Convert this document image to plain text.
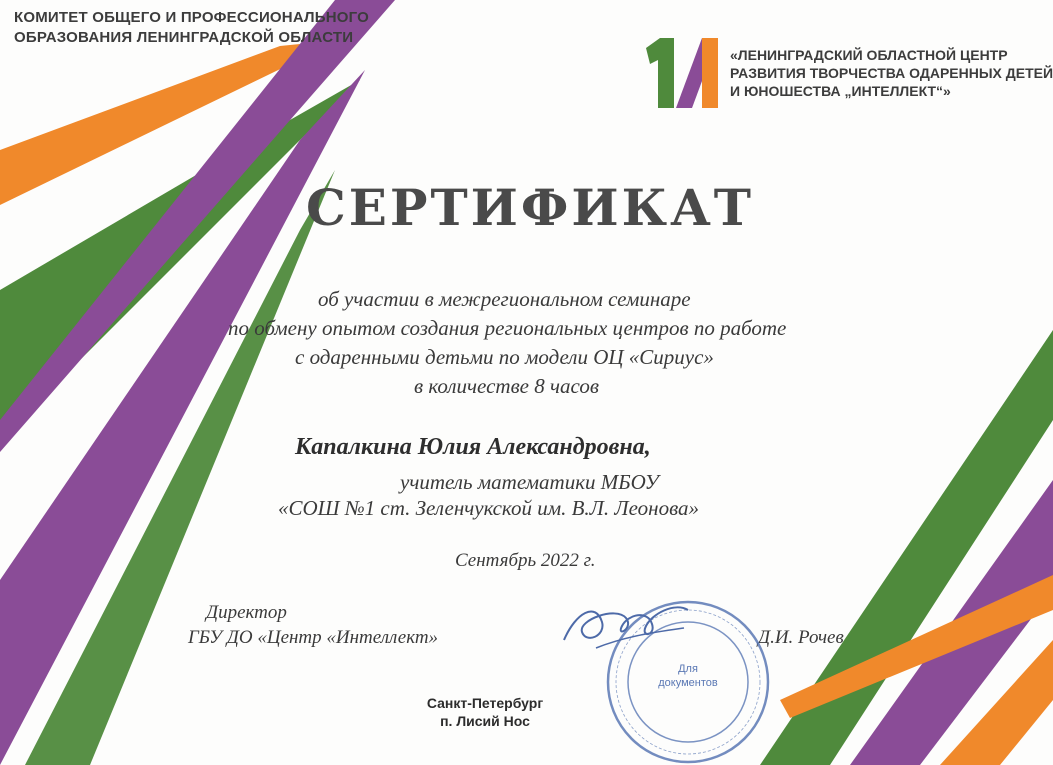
КОМИТЕТ ОБЩЕГО И ПРОФЕССИОНАЛЬНОГО
ОБРАЗОВАНИЯ ЛЕНИНГРАДСКОЙ ОБЛАСТИ
«ЛЕНИНГРАДСКИЙ ОБЛАСТНОЙ ЦЕНТР
РАЗВИТИЯ ТВОРЧЕСТВА ОДАРЕННЫХ ДЕТЕЙ
И ЮНОШЕСТВА „ИНТЕЛЛЕКТ“»
СЕРТИФИКАТ
об участии в межрегиональном семинаре
по обмену опытом создания региональных центров по работе
с одаренными детьми по модели ОЦ «Сириус»
в количестве 8 часов
Капалкина Юлия Александровна,
учитель математики МБОУ
«СОШ №1 ст. Зеленчукской им. В.Л. Леонова»
Сентябрь 2022 г.
Директор
ГБУ ДО «Центр «Интеллект»	Д.И. Рочев
Для
документов
Санкт-Петербург
п. Лисий Нос
